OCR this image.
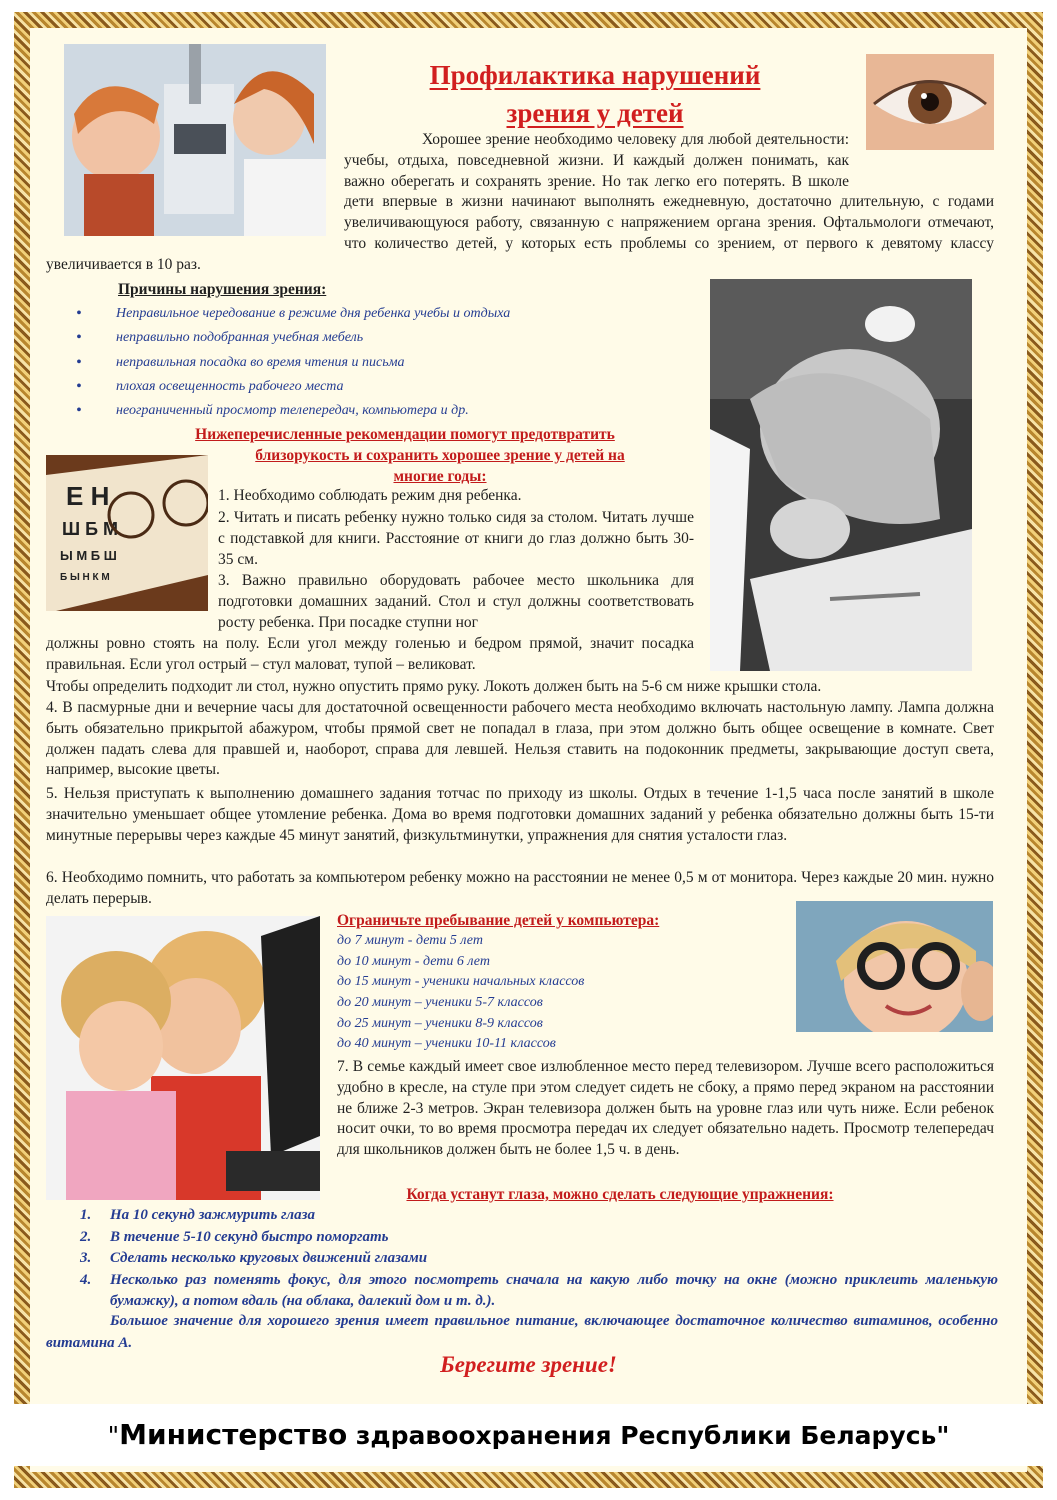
Профилактика нарушений
зрения у детей

Хорошее зрение необходимо человеку для любой деятельности: учебы, отдыха, повседневной жизни. И каждый должен понимать, как важно оберегать и сохранять зрение. Но так легко его потерять. В школе дети впервые в жизни начинают выполнять ежедневную, достаточно длительную, с годами увеличивающуюся работу, связанную с напряжением органа зрения. Офтальмологи отмечают, что количество детей, у которых есть проблемы со зрением, от первого к девятому классу увеличивается в 10 раз.

Причины нарушения зрения:
• Неправильное чередование в режиме дня ребенка учебы и отдыха
• неправильно подобранная учебная мебель
• неправильная посадка во время чтения и письма
• плохая освещенность рабочего места
• неограниченный просмотр телепередач, компьютера и др.
Нижеперечисленные рекомендации помогут предотвратить
близорукость и сохранить хорошее зрение у детей на
многие годы:
E Н
Ш Б М
Ы М Б Ш
Б Ы Н К М
1. Необходимо соблюдать режим дня ребенка.
2. Читать и писать ребенку нужно только сидя за столом. Читать лучше с подставкой для книги. Расстояние от книги до глаз должно быть 30-35 см.
3. Важно правильно оборудовать рабочее место школьника для подготовки домашних заданий. Стол и стул должны соответствовать росту ребенка. При посадке ступни ног
должны ровно стоять на полу. Если угол между голенью и бедром прямой, значит посадка правильная. Если угол острый – стул маловат, тупой – великоват.
Чтобы определить подходит ли стол, нужно опустить прямо руку. Локоть должен быть на 5-6 см ниже крышки стола.
4. В пасмурные дни и вечерние часы для достаточной освещенности рабочего места необходимо включать настольную лампу. Лампа должна быть обязательно прикрытой абажуром, чтобы прямой свет не попадал в глаза, при этом должно быть общее освещение в комнате. Свет должен падать слева для правшей и, наоборот, справа для левшей. Нельзя ставить на подоконник предметы, закрывающие доступ света, например, высокие цветы.
5. Нельзя приступать к выполнению домашнего задания тотчас по приходу из школы. Отдых в течение 1-1,5 часа после занятий в школе значительно уменьшает общее утомление ребенка. Дома во время подготовки домашних заданий у ребенка обязательно должны быть 15-ти минутные перерывы через каждые 45 минут занятий, физкультминутки, упражнения для снятия усталости глаз.
6. Необходимо помнить, что работать за компьютером ребенку можно на расстоянии не менее 0,5 м от монитора. Через каждые 20 мин. нужно делать перерыв.
Ограничьте пребывание детей у компьютера:
до 7 минут - дети 5 лет
до 10 минут - дети 6 лет
до 15 минут - ученики начальных классов
до 20 минут – ученики 5-7 классов
до 25 минут – ученики 8-9 классов
до 40 минут – ученики 10-11 классов
7. В семье каждый имеет свое излюбленное место перед телевизором. Лучше всего расположиться удобно в кресле, на стуле при этом следует сидеть не сбоку, а прямо перед экраном на расстоянии не ближе 2-3 метров. Экран телевизора должен быть на уровне глаз или чуть ниже. Если ребенок носит очки, то во время просмотра передач их следует обязательно надеть. Просмотр телепередач для школьников должен быть не более 1,5 ч. в день.
Когда устанут глаза, можно сделать следующие упражнения:
1. На 10 секунд зажмурить глаза
2. В течение 5-10 секунд быстро поморгать
3. Сделать несколько круговых движений глазами
4. Несколько раз поменять фокус, для этого посмотреть сначала на какую либо точку на окне (можно приклеить маленькую бумажку), а потом вдаль (на облака, далекий дом и т. д.).
Большое значение для хорошего зрения имеет правильное питание, включающее достаточное количество витаминов, особенно витамина А.
Берегите зрение!
"Министерство здравоохранения Республики Беларусь"
